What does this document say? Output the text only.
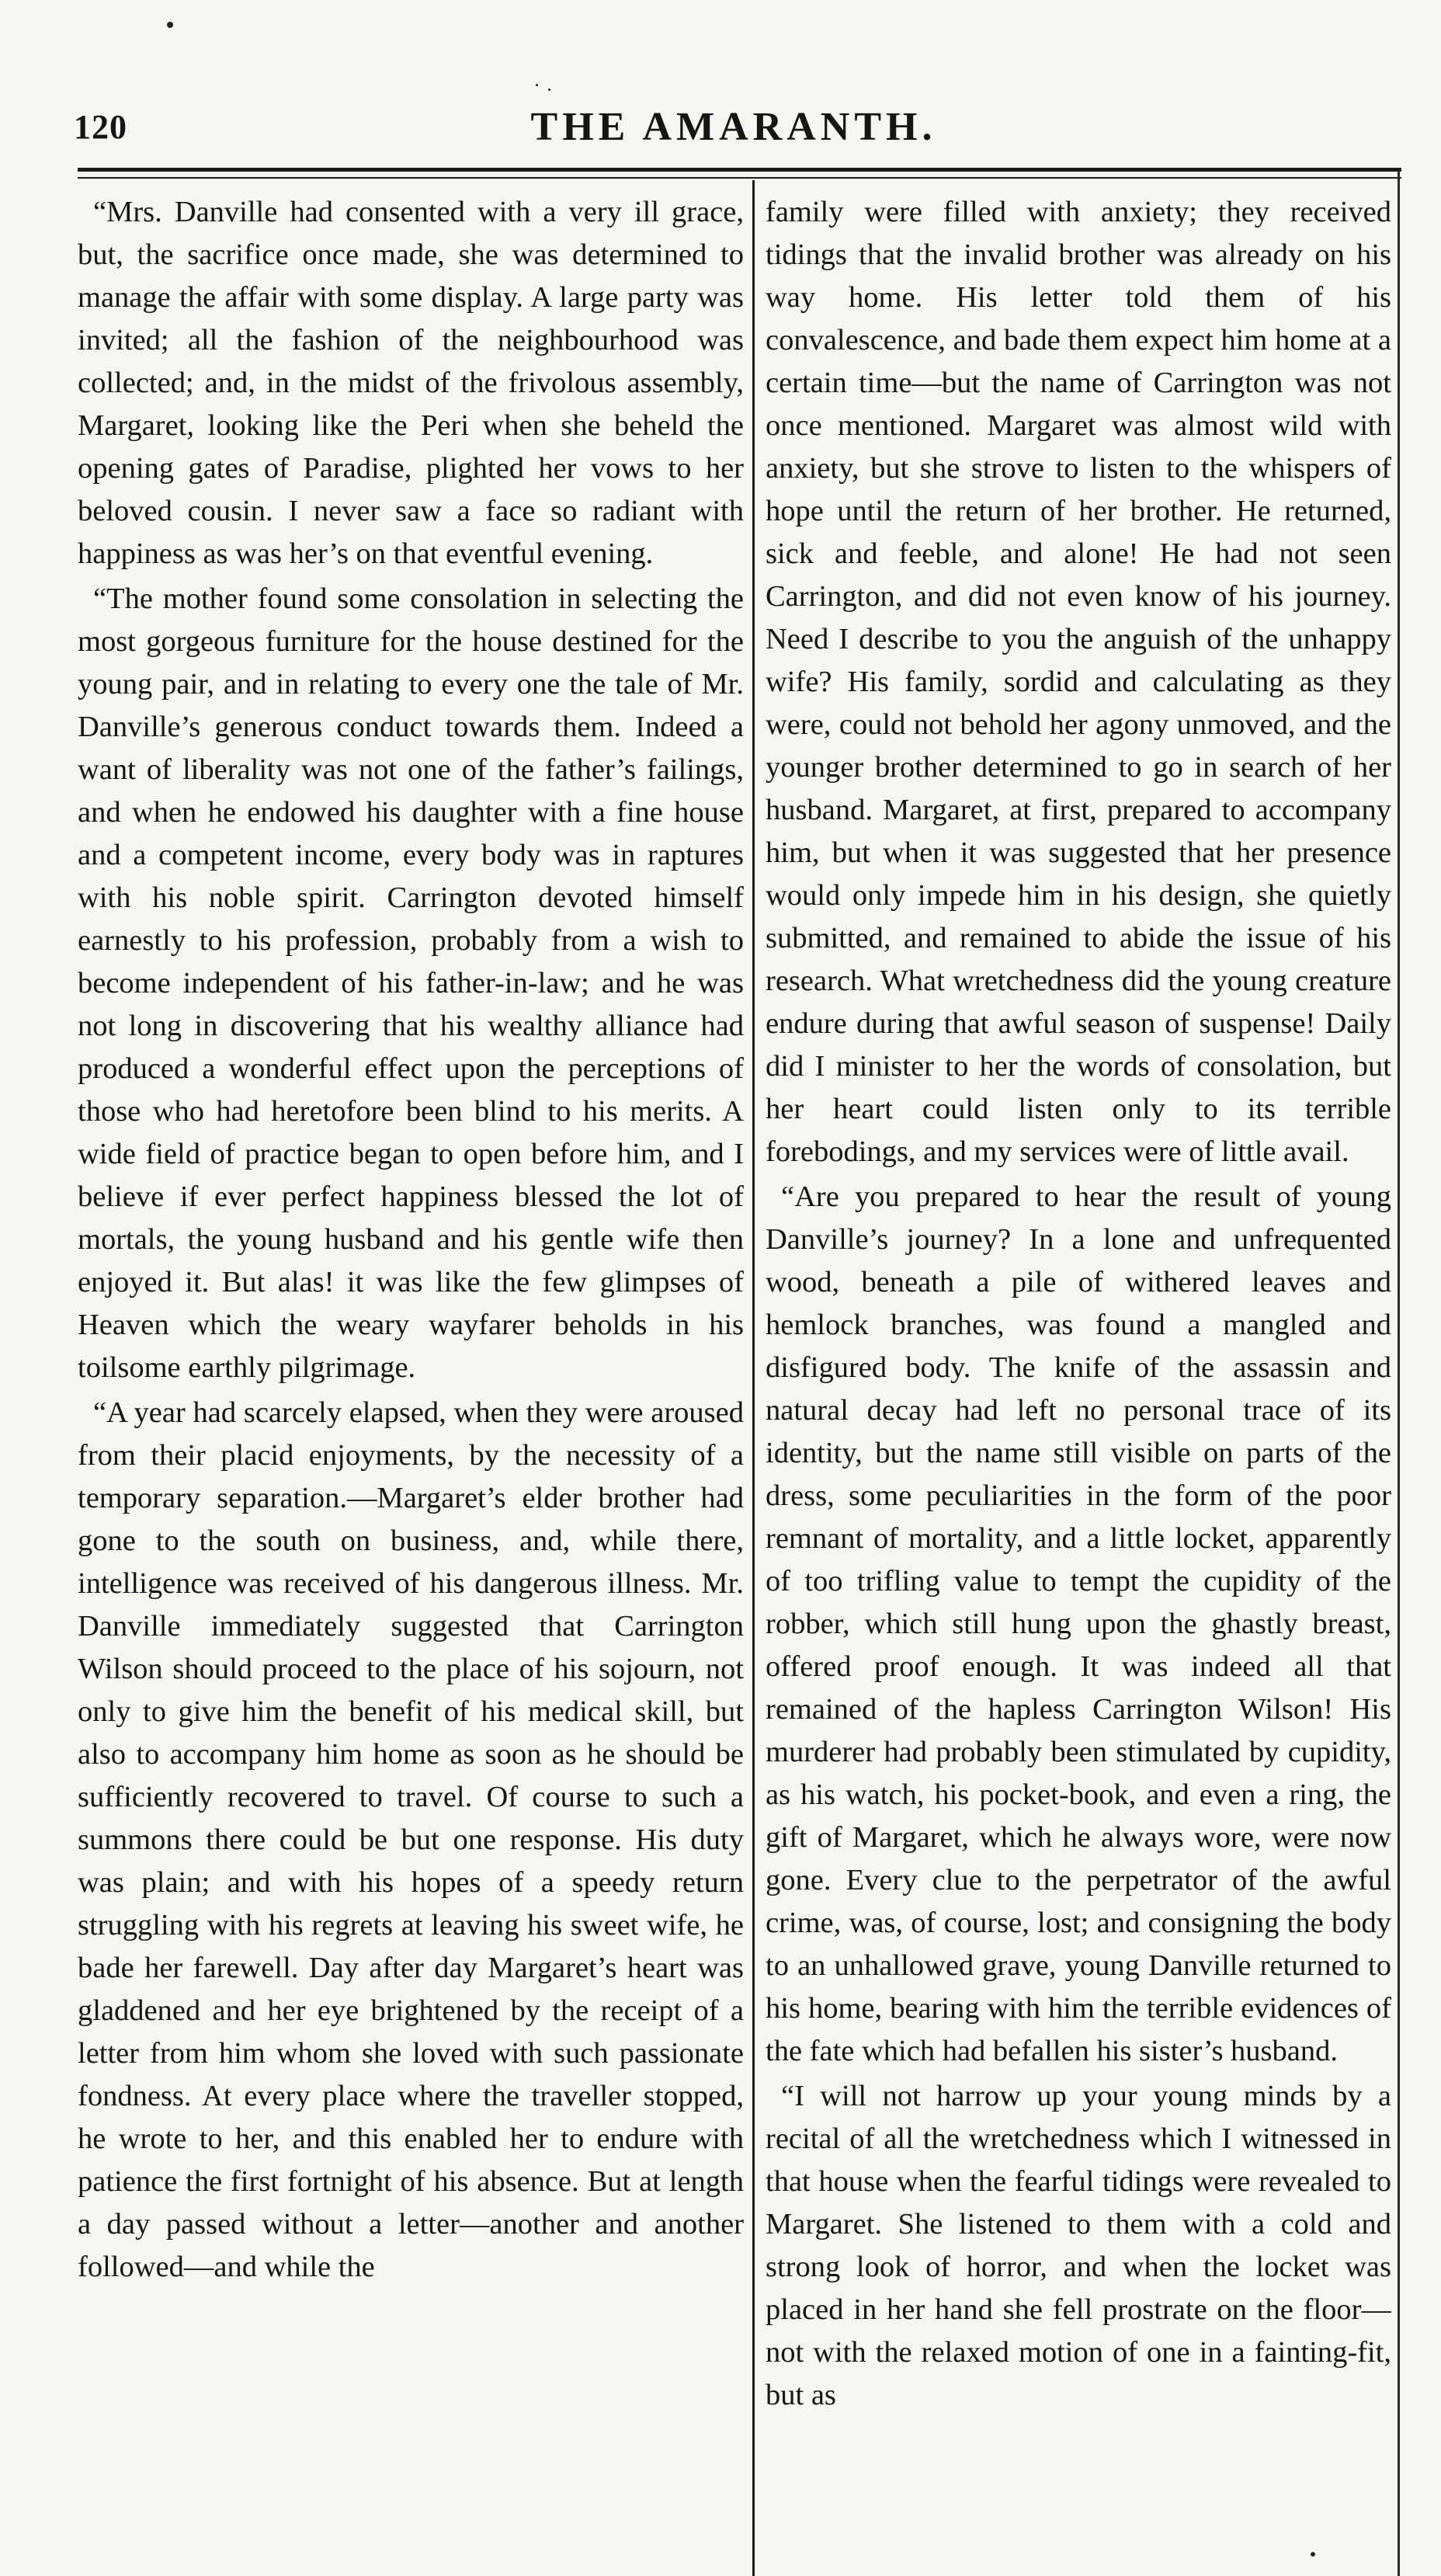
120	THE AMARANTH.

“Mrs. Danville had consented with a very ill grace, but, the sacrifice once made, she was determined to manage the affair with some display. A large party was invited; all the fashion of the neighbourhood was collected; and, in the midst of the frivolous assembly, Margaret, looking like the Peri when she beheld the opening gates of Paradise, plighted her vows to her beloved cousin. I never saw a face so radiant with happiness as was her’s on that eventful evening.

“The mother found some consolation in selecting the most gorgeous furniture for the house destined for the young pair, and in relating to every one the tale of Mr. Danville’s generous conduct towards them. Indeed a want of liberality was not one of the father’s failings, and when he endowed his daughter with a fine house and a competent income, every body was in raptures with his noble spirit. Carrington devoted himself earnestly to his profession, probably from a wish to become independent of his father-in-law; and he was not long in discovering that his wealthy alliance had produced a wonderful effect upon the perceptions of those who had heretofore been blind to his merits. A wide field of practice began to open before him, and I believe if ever perfect happiness blessed the lot of mortals, the young husband and his gentle wife then enjoyed it. But alas! it was like the few glimpses of Heaven which the weary wayfarer beholds in his toilsome earthly pilgrimage.

“A year had scarcely elapsed, when they were aroused from their placid enjoyments, by the necessity of a temporary separation.—Margaret’s elder brother had gone to the south on business, and, while there, intelligence was received of his dangerous illness. Mr. Danville immediately suggested that Carrington Wilson should proceed to the place of his sojourn, not only to give him the benefit of his medical skill, but also to accompany him home as soon as he should be sufficiently recovered to travel. Of course to such a summons there could be but one response. His duty was plain; and with his hopes of a speedy return struggling with his regrets at leaving his sweet wife, he bade her farewell. Day after day Margaret’s heart was gladdened and her eye brightened by the receipt of a letter from him whom she loved with such passionate fondness. At every place where the traveller stopped, he wrote to her, and this enabled her to endure with patience the first fortnight of his absence. But at length a day passed without a letter—another and another followed—and while the

family were filled with anxiety; they received tidings that the invalid brother was already on his way home. His letter told them of his convalescence, and bade them expect him home at a certain time—but the name of Carrington was not once mentioned. Margaret was almost wild with anxiety, but she strove to listen to the whispers of hope until the return of her brother. He returned, sick and feeble, and alone! He had not seen Carrington, and did not even know of his journey. Need I describe to you the anguish of the unhappy wife? His family, sordid and calculating as they were, could not behold her agony unmoved, and the younger brother determined to go in search of her husband. Margaret, at first, prepared to accompany him, but when it was suggested that her presence would only impede him in his design, she quietly submitted, and remained to abide the issue of his research. What wretchedness did the young creature endure during that awful season of suspense! Daily did I minister to her the words of consolation, but her heart could listen only to its terrible forebodings, and my services were of little avail.

“Are you prepared to hear the result of young Danville’s journey? In a lone and unfrequented wood, beneath a pile of withered leaves and hemlock branches, was found a mangled and disfigured body. The knife of the assassin and natural decay had left no personal trace of its identity, but the name still visible on parts of the dress, some peculiarities in the form of the poor remnant of mortality, and a little locket, apparently of too trifling value to tempt the cupidity of the robber, which still hung upon the ghastly breast, offered proof enough. It was indeed all that remained of the hapless Carrington Wilson! His murderer had probably been stimulated by cupidity, as his watch, his pocket-book, and even a ring, the gift of Margaret, which he always wore, were now gone. Every clue to the perpetrator of the awful crime, was, of course, lost; and consigning the body to an unhallowed grave, young Danville returned to his home, bearing with him the terrible evidences of the fate which had befallen his sister’s husband.

“I will not harrow up your young minds by a recital of all the wretchedness which I witnessed in that house when the fearful tidings were revealed to Margaret. She listened to them with a cold and strong look of horror, and when the locket was placed in her hand she fell prostrate on the floor—not with the relaxed motion of one in a fainting-fit, but as
